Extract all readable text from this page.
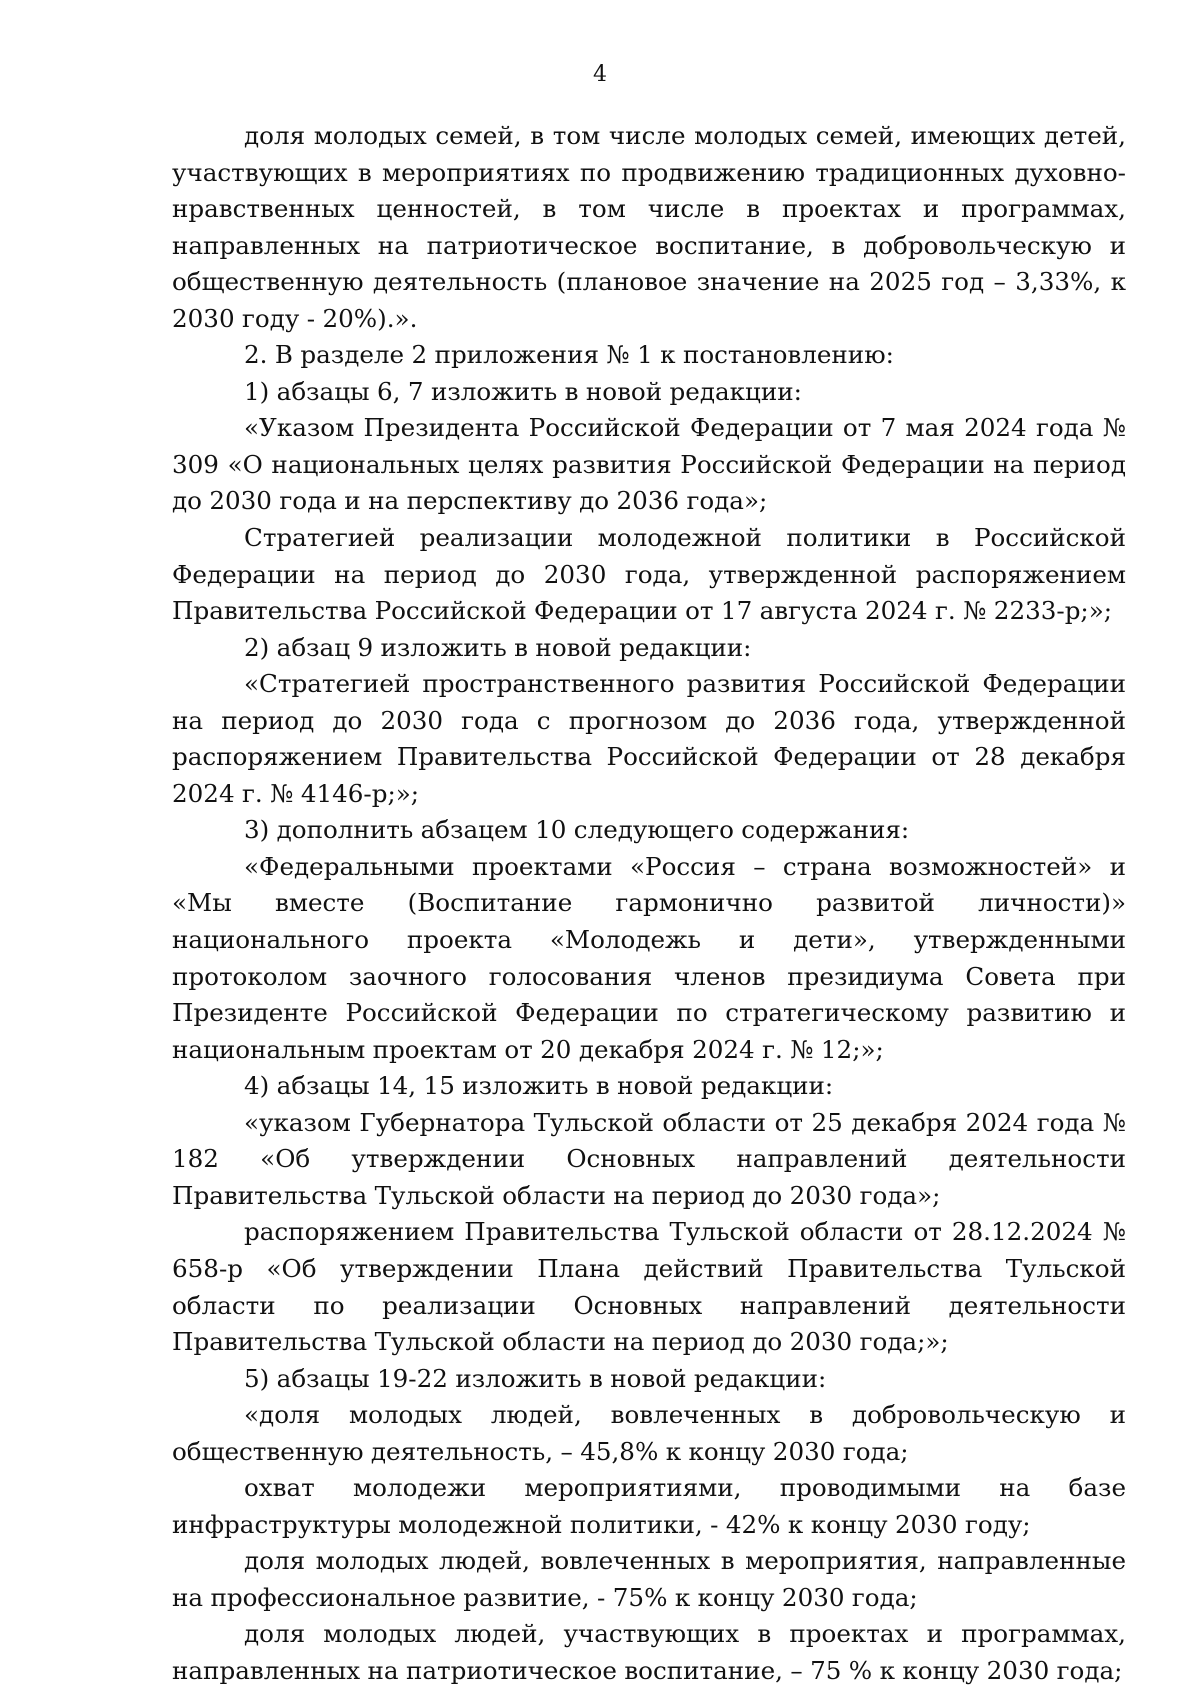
4

доля молодых семей, в том числе молодых семей, имеющих детей, участвующих в мероприятиях по продвижению традиционных духовно-нравственных ценностей, в том числе в проектах и программах, направленных на патриотическое воспитание, в добровольческую и общественную деятельность (плановое значение на 2025 год – 3,33%, к 2030 году - 20%).».

2. В разделе 2 приложения № 1 к постановлению:

1) абзацы 6, 7 изложить в новой редакции:

«Указом Президента Российской Федерации от 7 мая 2024 года № 309 «О национальных целях развития Российской Федерации на период до 2030 года и на перспективу до 2036 года»;

Стратегией реализации молодежной политики в Российской Федерации на период до 2030 года, утвержденной распоряжением Правительства Российской Федерации от 17 августа 2024 г. № 2233-р;»;

2) абзац 9 изложить в новой редакции:

«Стратегией пространственного развития Российской Федерации на период до 2030 года с прогнозом до 2036 года, утвержденной распоряжением Правительства Российской Федерации от 28 декабря 2024 г. № 4146-р;»;

3) дополнить абзацем 10 следующего содержания:

«Федеральными проектами «Россия – страна возможностей» и «Мы вместе (Воспитание гармонично развитой личности)» национального проекта «Молодежь и дети», утвержденными протоколом заочного голосования членов президиума Совета при Президенте Российской Федерации по стратегическому развитию и национальным проектам от 20 декабря 2024 г. № 12;»;

4) абзацы 14, 15 изложить в новой редакции:

«указом Губернатора Тульской области от 25 декабря 2024 года № 182 «Об утверждении Основных направлений деятельности Правительства Тульской области на период до 2030 года»;

распоряжением Правительства Тульской области от 28.12.2024 № 658-р «Об утверждении Плана действий Правительства Тульской области по реализации Основных направлений деятельности Правительства Тульской области на период до 2030 года;»;

5) абзацы 19-22 изложить в новой редакции:

«доля молодых людей, вовлеченных в добровольческую и общественную деятельность, – 45,8% к концу 2030 года;

охват молодежи мероприятиями, проводимыми на базе инфраструктуры молодежной политики, - 42% к концу 2030 году;

доля молодых людей, вовлеченных в мероприятия, направленные на профессиональное развитие, - 75% к концу 2030 года;

доля молодых людей, участвующих в проектах и программах, направленных на патриотическое воспитание, – 75 % к концу 2030 года;
